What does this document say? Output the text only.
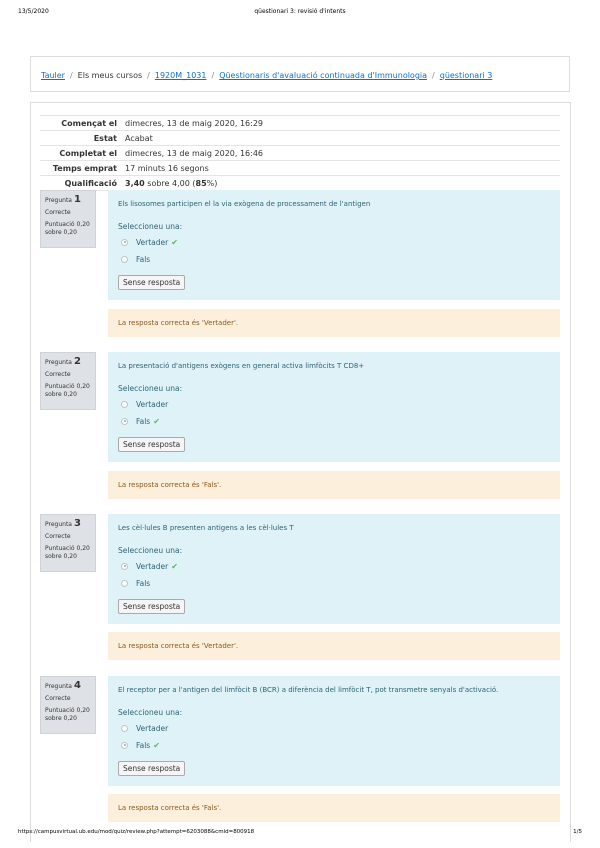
13/5/2020	qüestionari 3: revisió d'intents
Tauler / Els meus cursos / 1920M_1031 / Qüestionaris d'avaluació continuada d'Immunologia / qüestionari 3
Començat el	dimecres, 13 de maig 2020, 16:29
Estat	Acabat
Completat el	dimecres, 13 de maig 2020, 16:46
Temps emprat	17 minuts 16 segons
Qualificació	3,40 sobre 4,00 (85%)
Pregunta 1
Correcte
Puntuació 0,20
sobre 0,20
Els lisosomes participen el la via exògena de processament de l'antigen
Seleccioneu una:
Vertader ✔
Fals
Sense resposta
La resposta correcta és 'Vertader'.
Pregunta 2
Correcte
Puntuació 0,20
sobre 0,20
La presentació d'antigens exògens en general activa limfòcits T CD8+
Seleccioneu una:
Vertader
Fals ✔
Sense resposta
La resposta correcta és 'Fals'.
Pregunta 3
Correcte
Puntuació 0,20
sobre 0,20
Les cèl·lules B presenten antigens a les cèl·lules T
Seleccioneu una:
Vertader ✔
Fals
Sense resposta
La resposta correcta és 'Vertader'.
Pregunta 4
Correcte
Puntuació 0,20
sobre 0,20
El receptor per a l'antigen del limfòcit B (BCR) a diferència del limfòcit T, pot transmetre senyals d'activació.
Seleccioneu una:
Vertader
Fals ✔
Sense resposta
La resposta correcta és 'Fals'.
https://campusvirtual.ub.edu/mod/quiz/review.php?attempt=6203088&cmid=800918	1/5
